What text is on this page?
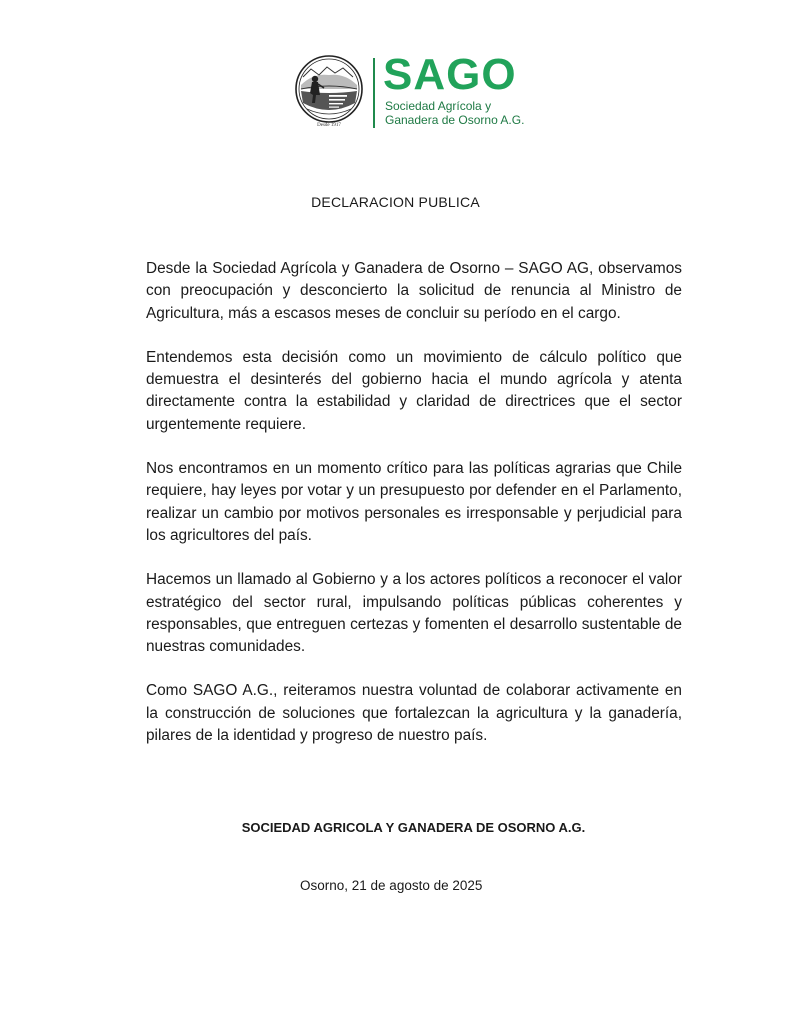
Desde 1917
SAGO
Sociedad Agrícola y
Ganadera de Osorno A.G.
DECLARACION PUBLICA

Desde la Sociedad Agrícola y Ganadera de Osorno – SAGO AG, observamos con preocupación y desconcierto la solicitud de renuncia al Ministro de Agricultura, más a escasos meses de concluir su período en el cargo.

Entendemos esta decisión como un movimiento de cálculo político que demuestra el desinterés del gobierno hacia el mundo agrícola y atenta directamente contra la estabilidad y claridad de directrices que el sector urgentemente requiere.

Nos encontramos en un momento crítico para las políticas agrarias que Chile requiere, hay leyes por votar y un presupuesto por defender en el Parlamento, realizar un cambio por motivos personales es irresponsable y perjudicial para los agricultores del país.

Hacemos un llamado al Gobierno y a los actores políticos a reconocer el valor estratégico del sector rural, impulsando políticas públicas coherentes y responsables, que entreguen certezas y fomenten el desarrollo sustentable de nuestras comunidades.

Como SAGO A.G., reiteramos nuestra voluntad de colaborar activamente en la construcción de soluciones que fortalezcan la agricultura y la ganadería, pilares de la identidad y progreso de nuestro país.

SOCIEDAD AGRICOLA Y GANADERA DE OSORNO A.G.
Osorno, 21 de agosto de 2025
